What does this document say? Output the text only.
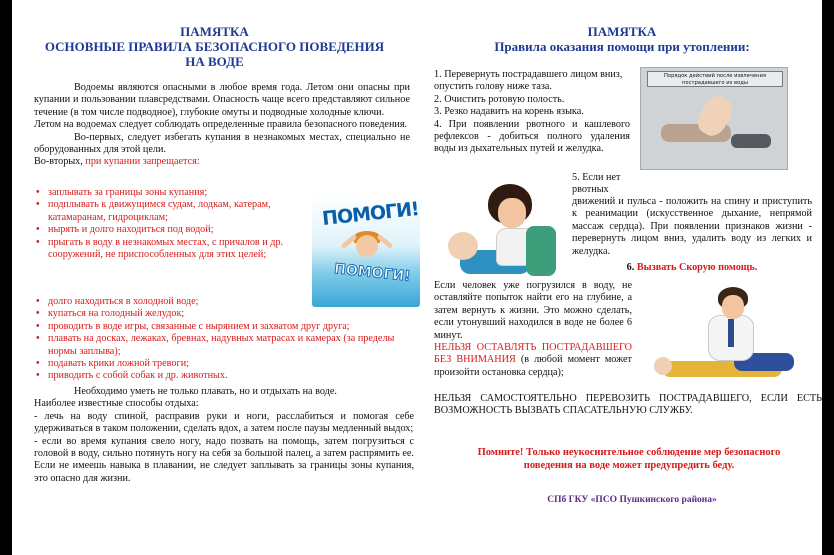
ПАМЯТКА
ОСНОВНЫЕ ПРАВИЛА БЕЗОПАСНОГО ПОВЕДЕНИЯ
НА ВОДЕ

Водоемы являются опасными в любое время года. Летом они опасны при купании и пользовании плавсредствами. Опасность чаще всего представляют сильное течение (в том числе подводное), глубокие омуты и подводные холодные ключи.

Летом на водоемах следует соблюдать определенные правила безопасного поведения.

Во-первых, следует избегать купания в незнакомых местах, специально не оборудованных для этой цели.

Во-вторых, при купании запрещается:

• заплывать за границы зоны купания;
• подплывать к движущимся судам, лодкам, катерам, катамаранам, гидроциклам;
• нырять и долго находиться под водой;
• прыгать в воду в незнакомых местах, с причалов и др. сооружений, не приспособленных для этих целей;
ПОМОГИ!
ПОМОГИ!
• долго находиться в холодной воде;
• купаться на голодный желудок;
• проводить в воде игры, связанные с нырянием и захватом друг друга;
• плавать на досках, лежаках, бревнах, надувных матрасах и камерах (за пределы нормы заплыва);
• подавать крики ложной тревоги;
• приводить с собой собак и др. животных.

Необходимо уметь не только плавать, но и отдыхать на воде.

Наиболее известные способы отдыха:

- лечь на воду спиной, расправив руки и ноги, расслабиться и помогая себе удерживаться в таком положении, сделать вдох, а затем после паузы медленный выдох;

- если во время купания свело ногу, надо позвать на помощь, затем погрузиться с головой в воду, сильно потянуть ногу на себя за большой палец, а затем распрямить ее. Если не имеешь навыка в плавании, не следует заплывать за границы зоны купания, это опасно для жизни.

ПАМЯТКА
Правила оказания помощи при утоплении:

1. Перевернуть пострадавшего лицом вниз, опустить голову ниже таза.

2. Очистить ротовую полость.

3. Резко надавить на корень языка.

4. При появлении рвотного и кашлевого рефлексов - добиться полного удаления воды из дыхательных путей и желудка.

Порядок действий после извлечения пострадавшего из воды
5. Если нет рвотных
движений и пульса - положить на спину и приступить к реанимации (искусственное дыхание, непрямой массаж сердца). При появлении признаков жизни - перевернуть лицом вниз, удалить воду из легких и желудка.
6. Вызвать Скорую помощь.
Если человек уже погрузился в воду, не оставляйте попыток найти его на глубине, а затем вернуть к жизни. Это можно сделать, если утонувший находился в воде не более 6 минут.
НЕЛЬЗЯ ОСТАВЛЯТЬ ПОСТРАДАВШЕГО БЕЗ ВНИМАНИЯ (в любой момент может произойти остановка сердца);
НЕЛЬЗЯ САМОСТОЯТЕЛЬНО ПЕРЕВОЗИТЬ ПОСТРАДАВШЕГО, ЕСЛИ ЕСТЬ ВОЗМОЖНОСТЬ ВЫЗВАТЬ СПАСАТЕЛЬНУЮ СЛУЖБУ.
Помните! Только неукоснительное соблюдение мер безопасного поведения на воде может предупредить беду.
СПб ГКУ «ПСО Пушкинского района»
